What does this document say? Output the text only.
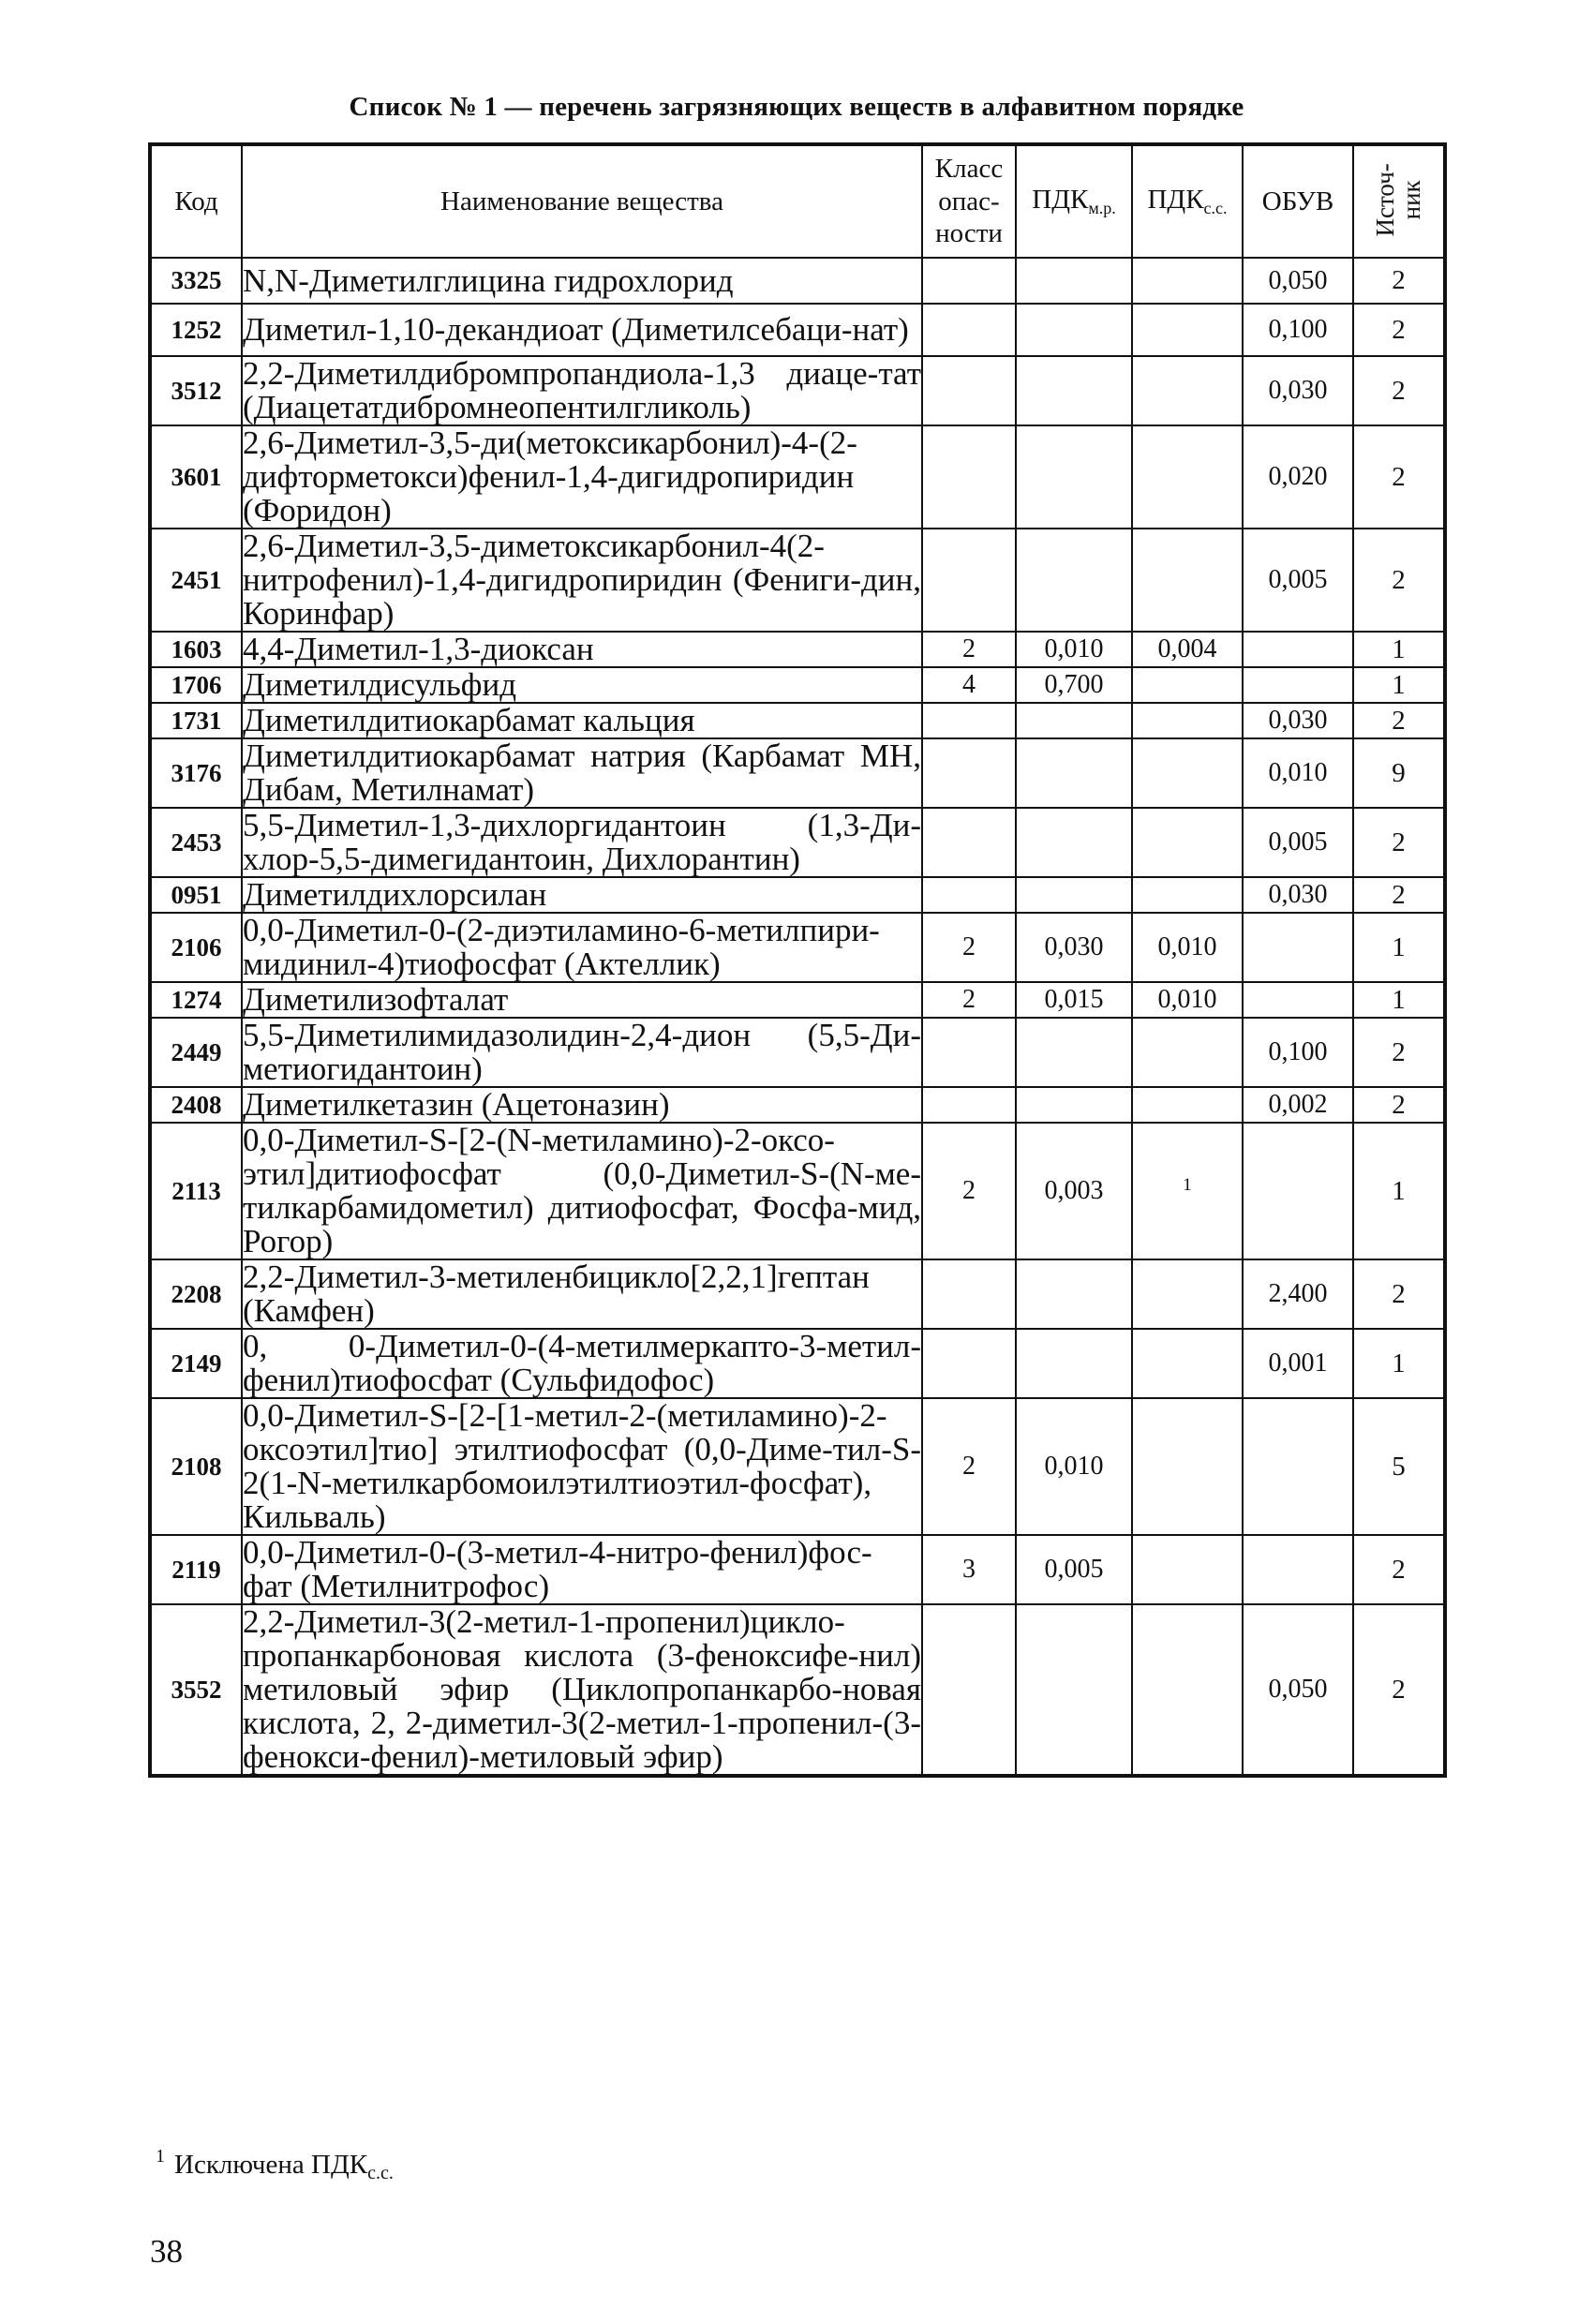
Список № 1 — перечень загрязняющих веществ в алфавитном порядке
Код	Наименование вещества	Класс
опас-
ности	$ПДК_{м.р.}$	$ПДК_{с.с.}$	ОБУВ	Источ-
ник
3325	N,N-Диметилглицина гидрохлорид				0,050	2
1252	Диметил-1,10-декандиоат (Диметилсебаци-нат)				0,100	2
3512	2,2-Диметилдибромпропандиола-1,3 диаце-тат (Диацетатдибромнеопентилгликоль)				0,030	2
3601	2,6-Диметил-3,5-ди(метоксикарбонил)-4-(2-дифторметокси)фенил-1,4-дигидропиридин (Форидон)				0,020	2
2451	2,6-Диметил-3,5-диметоксикарбонил-4(2-нитрофенил)-1,4-дигидропиридин (Фениги-дин, Коринфар)				0,005	2
1603	4,4-Диметил-1,3-диоксан	2	0,010	0,004		1
1706	Диметилдисульфид	4	0,700			1
1731	Диметилдитиокарбамат кальция				0,030	2
3176	Диметилдитиокарбамат натрия (Карбамат МН, Дибам, Метилнамат)				0,010	9
2453	5,5-Диметил-1,3-дихлоргидантоин (1,3-Ди-хлор-5,5-димегидантоин, Дихлорантин)				0,005	2
0951	Диметилдихлорсилан				0,030	2
2106	0,0-Диметил-0-(2-диэтиламино-6-метилпири-мидинил-4)тиофосфат (Актеллик)	2	0,030	0,010		1
1274	Диметилизофталат	2	0,015	0,010		1
2449	5,5-Диметилимидазолидин-2,4-дион (5,5-Ди-метиогидантоин)				0,100	2
2408	Диметилкетазин (Ацетоназин)				0,002	2
2113	0,0-Диметил-S-[2-(N-метиламино)-2-оксо-этил]дитиофосфат (0,0-Диметил-S-(N-ме-тилкарбамидометил) дитиофосфат, Фосфа-мид, Рогор)	2	0,003	$^1$		1
2208	2,2-Диметил-3-метиленбицикло[2,2,1]гептан (Камфен)				2,400	2
2149	0, 0-Диметил-0-(4-метилмеркапто-3-метил-фенил)тиофосфат (Сульфидофос)				0,001	1
2108	0,0-Диметил-S-[2-[1-метил-2-(метиламино)-2-оксоэтил]тио] этилтиофосфат (0,0-Диме-тил-S-2(1-N-метилкарбомоилэтилтиоэтил-фосфат), Кильваль)	2	0,010			5
2119	0,0-Диметил-0-(3-метил-4-нитро-фенил)фос-фат (Метилнитрофос)	3	0,005			2
3552	2,2-Диметил-3(2-метил-1-пропенил)цикло-пропанкарбоновая кислота (3-феноксифе-нил) метиловый эфир (Циклопропанкарбо-новая кислота, 2, 2-диметил-3(2-метил-1-пропенил-(3-фенокси-фенил)-метиловый эфир)				0,050	2
$^1$ Исключена $ПДК_{с.с.}$
38
